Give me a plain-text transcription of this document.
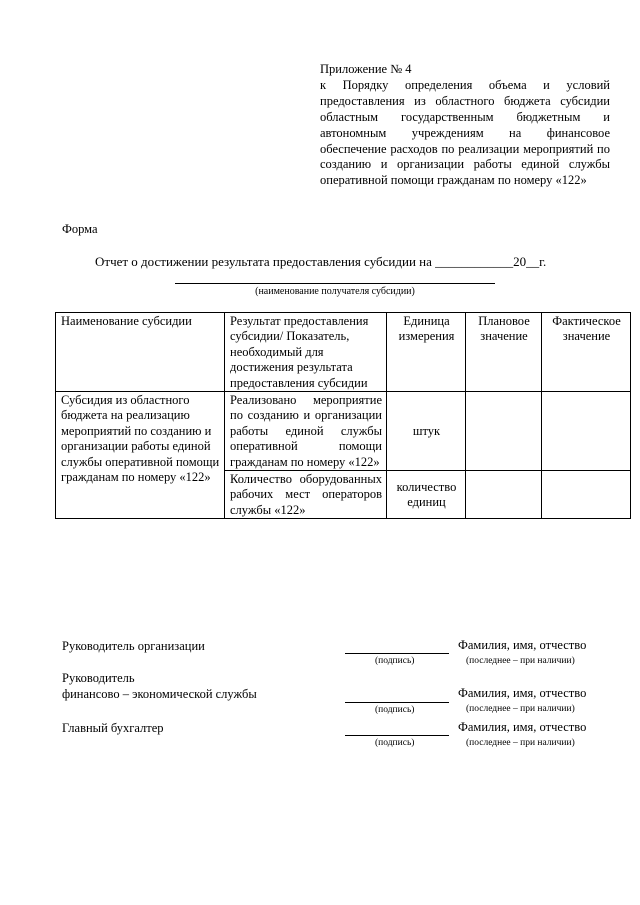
Приложение № 4
к Порядку определения объема и условий предоставления из областного бюджета субсидии областным государственным бюджетным и автономным учреждениям на финансовое обеспечение расходов по реализации мероприятий по созданию и организации работы единой службы оперативной помощи гражданам по номеру «122»
Форма
Отчет о достижении результата предоставления субсидии на ____________20__г.
(наименование получателя субсидии)
Наименование субсидии	Результат предоставления субсидии/ Показатель, необходимый для достижения результата предоставления субсидии	Единица измерения	Плановое значение	Фактическое значение
Субсидия из областного бюджета на реализацию мероприятий по созданию и организации работы единой службы оперативной помощи гражданам по номеру «122»	Реализовано мероприятие по созданию и организации работы единой службы оперативной помощи гражданам по номеру «122»	штук		
	Количество оборудованных рабочих мест операторов службы «122»	количество единиц		
Руководитель организации
(подпись)
Фамилия, имя, отчество
(последнее – при наличии)
Руководитель
финансово – экономической службы
(подпись)
Фамилия, имя, отчество
(последнее – при наличии)
Главный бухгалтер
(подпись)
Фамилия, имя, отчество
(последнее – при наличии)
